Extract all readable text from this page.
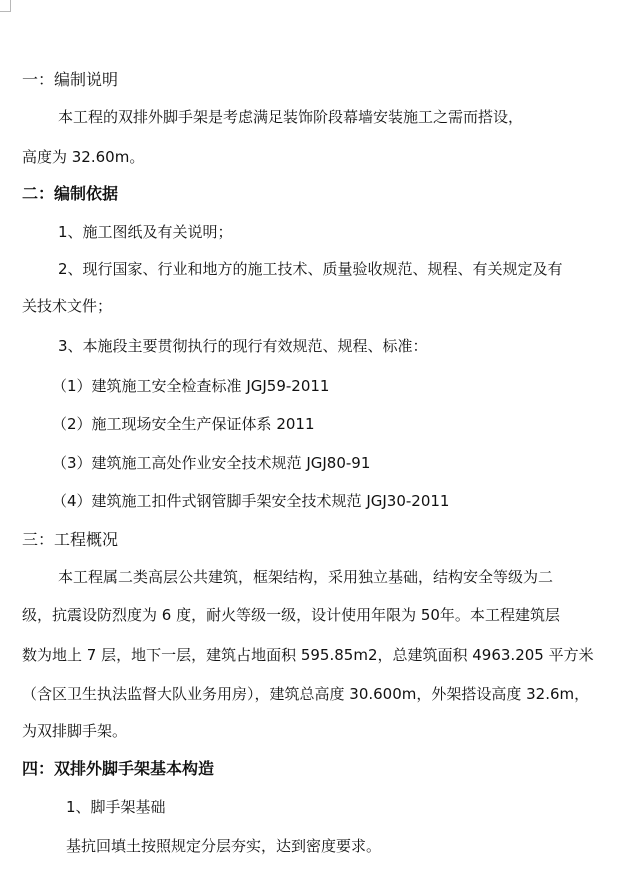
一：编制说明
本工程的双排外脚手架是考虑满足装饰阶段幕墙安装施工之需而搭设，
高度为 32.60m。
二：编制依据
1、施工图纸及有关说明；
2、现行国家、行业和地方的施工技术、质量验收规范、规程、有关规定及有
关技术文件；
3、本施段主要贯彻执行的现行有效规范、规程、标准：
（1）建筑施工安全检查标准 JGJ59-2011
（2）施工现场安全生产保证体系 2011
（3）建筑施工高处作业安全技术规范 JGJ80-91
（4）建筑施工扣件式钢管脚手架安全技术规范 JGJ30-2011
三：工程概况
本工程属二类高层公共建筑，框架结构，采用独立基础，结构安全等级为二
级，抗震设防烈度为 6 度，耐火等级一级，设计使用年限为 50年。本工程建筑层
数为地上 7 层，地下一层，建筑占地面积 595.85m2，总建筑面积 4963.205 平方米
（含区卫生执法监督大队业务用房），建筑总高度 30.600m，外架搭设高度 32.6m，
为双排脚手架。
四：双排外脚手架基本构造
1、脚手架基础
基抗回填土按照规定分层夯实，达到密度要求。
